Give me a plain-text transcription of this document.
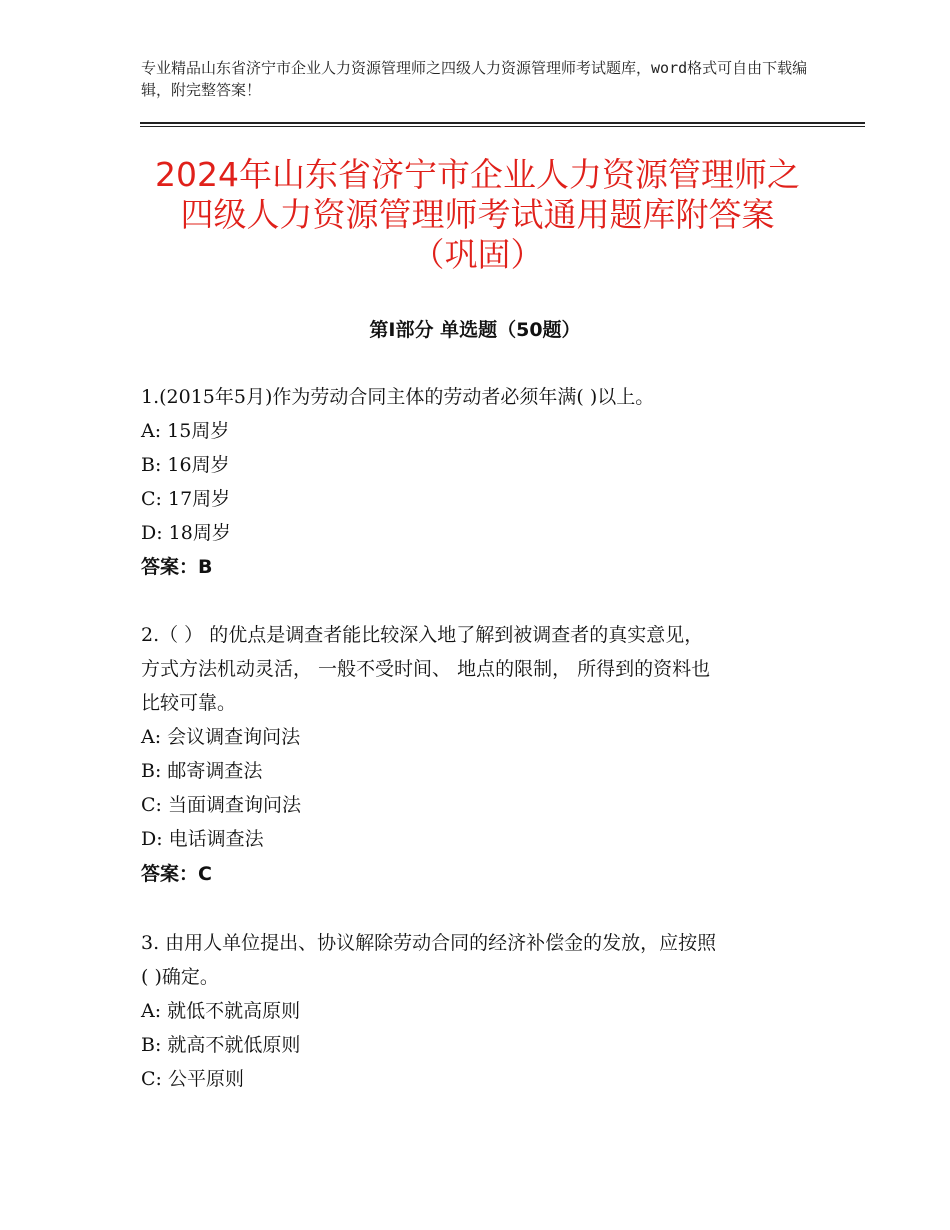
专业精品山东省济宁市企业人力资源管理师之四级人力资源管理师考试题库，word格式可自由下载编辑，附完整答案！
2024年山东省济宁市企业人力资源管理师之
四级人力资源管理师考试通用题库附答案
（巩固）
第Ⅰ部分 单选题（50题）
1.(2015年5月)作为劳动合同主体的劳动者必须年满( )以上。
A: 15周岁
B: 16周岁
C: 17周岁
D: 18周岁
答案：B
2.（ ） 的优点是调查者能比较深入地了解到被调查者的真实意见，
方式方法机动灵活， 一般不受时间、 地点的限制， 所得到的资料也
比较可靠。
A: 会议调查询问法
B: 邮寄调查法
C: 当面调查询问法
D: 电话调查法
答案：C
3. 由用人单位提出、协议解除劳动合同的经济补偿金的发放，应按照
( )确定。
A: 就低不就高原则
B: 就高不就低原则
C: 公平原则
